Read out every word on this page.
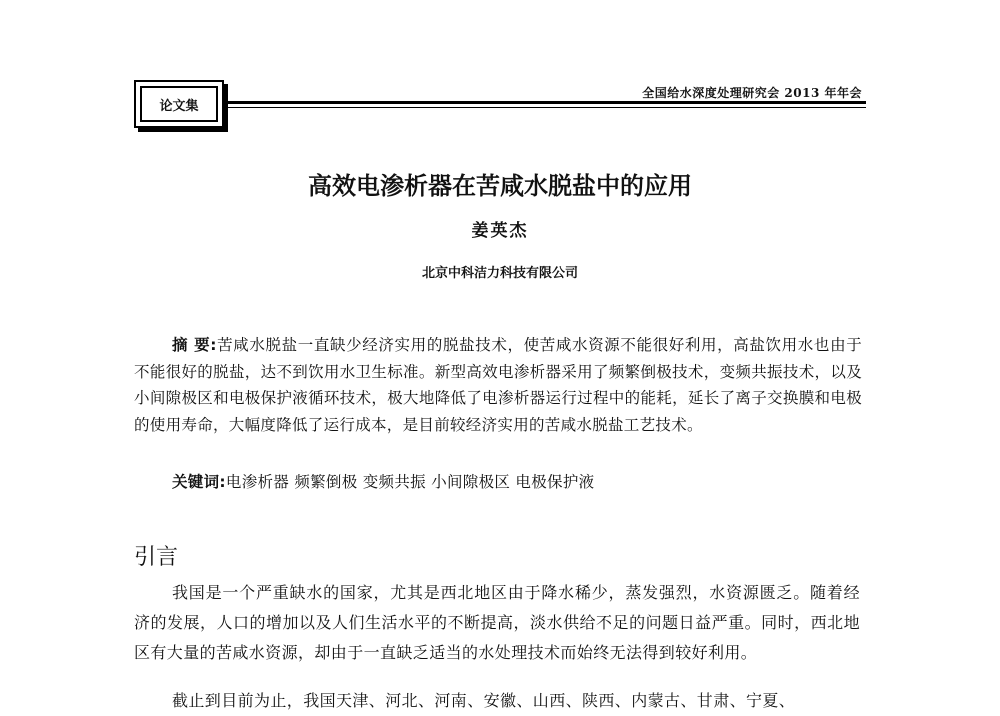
论文集
全国给水深度处理研究会 2013 年年会
高效电渗析器在苦咸水脱盐中的应用
姜英杰
北京中科洁力科技有限公司
摘 要:苦咸水脱盐一直缺少经济实用的脱盐技术，使苦咸水资源不能很好利用，高盐饮用水也由于不能很好的脱盐，达不到饮用水卫生标准。新型高效电渗析器采用了频繁倒极技术，变频共振技术，以及小间隙极区和电极保护液循环技术，极大地降低了电渗析器运行过程中的能耗，延长了离子交换膜和电极的使用寿命，大幅度降低了运行成本，是目前较经济实用的苦咸水脱盐工艺技术。
关键词:电渗析器 频繁倒极 变频共振 小间隙极区 电极保护液
引言
我国是一个严重缺水的国家，尤其是西北地区由于降水稀少，蒸发强烈，水资源匮乏。随着经济的发展，人口的增加以及人们生活水平的不断提高，淡水供给不足的问题日益严重。同时，西北地区有大量的苦咸水资源，却由于一直缺乏适当的水处理技术而始终无法得到较好利用。
截止到目前为止，我国天津、河北、河南、安徽、山西、陕西、内蒙古、甘肃、宁夏、
